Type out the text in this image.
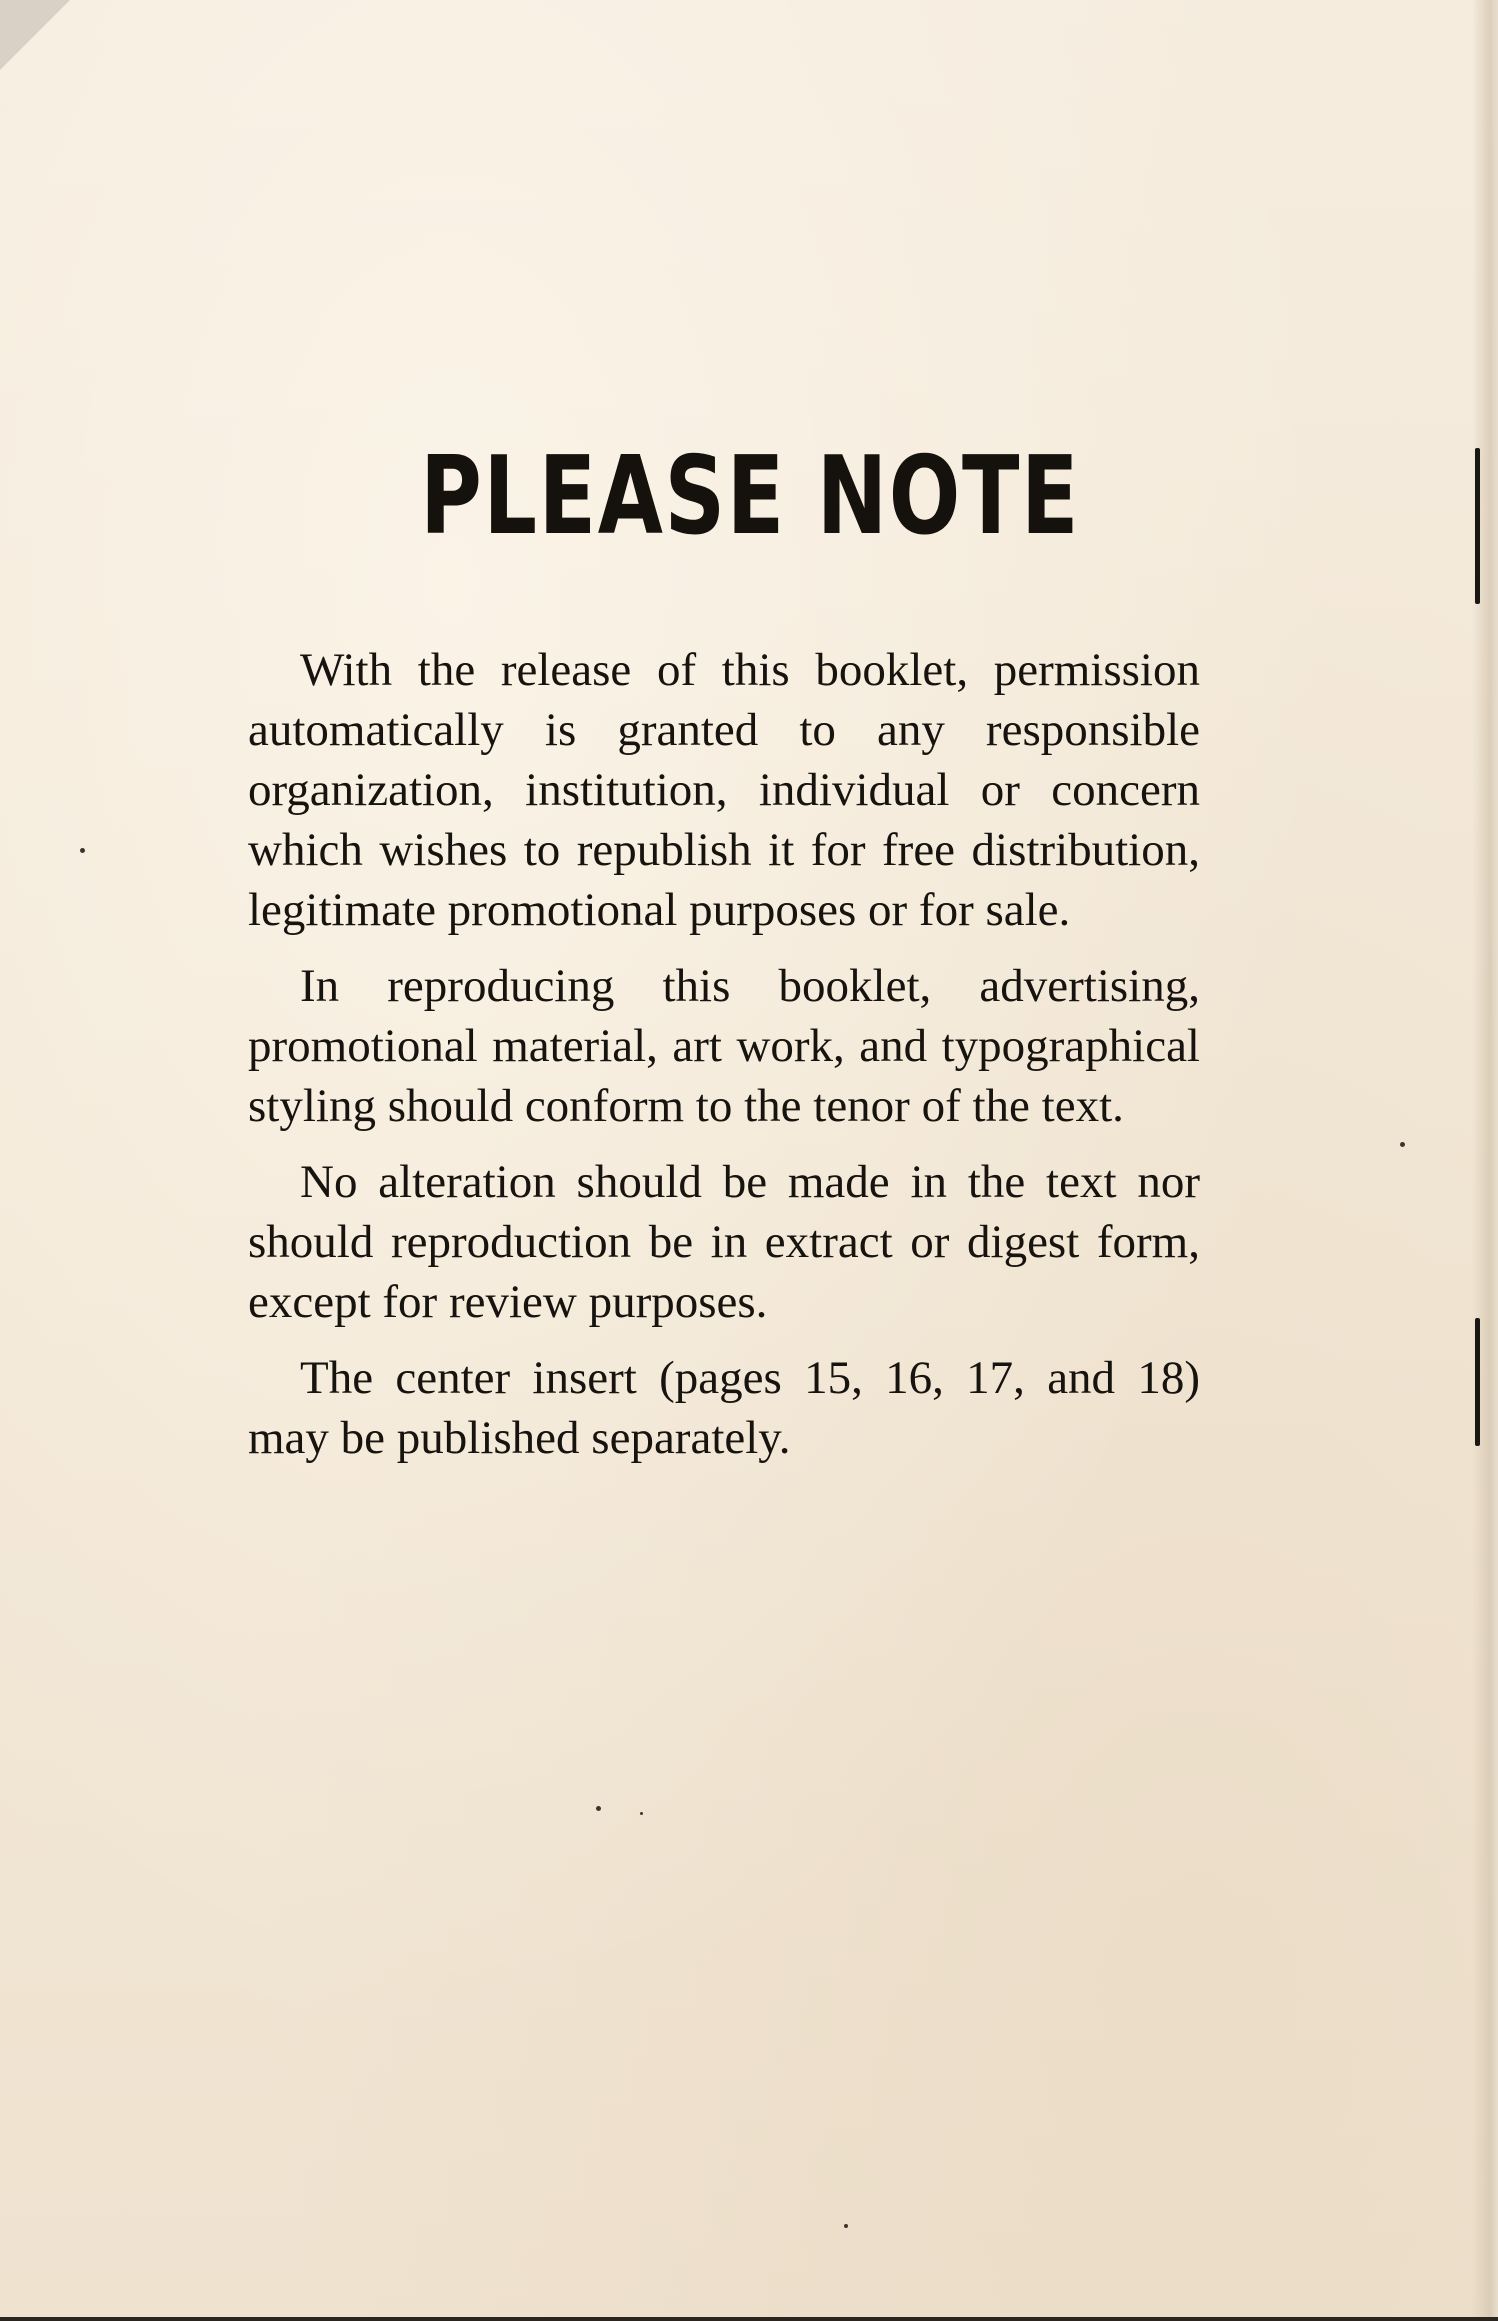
PLEASE NOTE

With the release of this booklet, permission automatically is granted to any responsible organization, institution, individual or concern which wishes to republish it for free distribution, legitimate promotional purposes or for sale.

In reproducing this booklet, advertising, promotional material, art work, and typographical styling should conform to the tenor of the text.

No alteration should be made in the text nor should reproduction be in extract or digest form, except for review purposes.

The center insert (pages 15, 16, 17, and 18) may be published separately.
